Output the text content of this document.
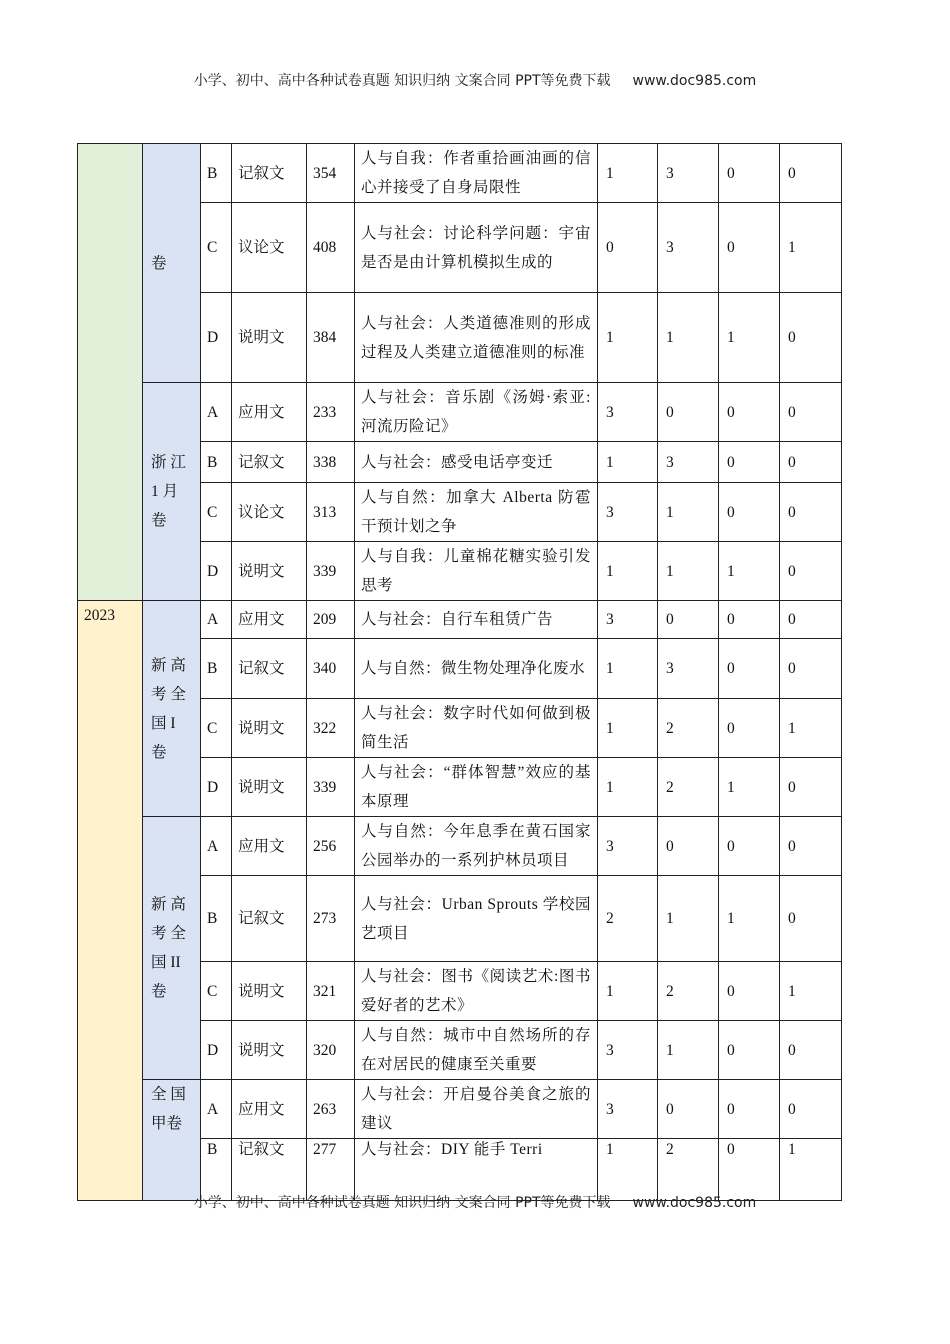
小学、初中、高中各种试卷真题 知识归纳 文案合同 PPT等免费下载 www.doc985.com
	卷	B	记叙文	354	人与自我：作者重拾画油画的信心并接受了自身局限性	1	3	0	0
		C	议论文	408	人与社会：讨论科学问题：宇宙是否是由计算机模拟生成的	0	3	0	1
		D	说明文	384	人与社会：人类道德准则的形成过程及人类建立道德准则的标准	1	1	1	0
	浙 江
1 月
卷	A	应用文	233	人与社会：音乐剧《汤姆·索亚:河流历险记》	3	0	0	0
		B	记叙文	338	人与社会：感受电话亭变迁	1	3	0	0
		C	议论文	313	人与自然：加拿大 Alberta 防雹干预计划之争	3	1	0	0
		D	说明文	339	人与自我：儿童棉花糖实验引发思考	1	1	1	0
2023	新 高
考 全
国 I
卷	A	应用文	209	人与社会：自行车租赁广告	3	0	0	0
		B	记叙文	340	人与自然：微生物处理净化废水	1	3	0	0
		C	说明文	322	人与社会：数字时代如何做到极简生活	1	2	0	1
		D	说明文	339	人与社会：“群体智慧”效应的基本原理	1	2	1	0
	新 高
考 全
国 II
卷	A	应用文	256	人与自然：今年息季在黄石国家公园举办的一系列护林员项目	3	0	0	0
		B	记叙文	273	人与社会：Urban Sprouts 学校园艺项目	2	1	1	0
		C	说明文	321	人与社会：图书《阅读艺术:图书爱好者的艺术》	1	2	0	1
		D	说明文	320	人与自然：城市中自然场所的存在对居民的健康至关重要	3	1	0	0
	全 国
甲卷	A	应用文	263	人与社会：开启曼谷美食之旅的建议	3	0	0	0
		B	记叙文	277	人与社会：DIY 能手 Terri	1	2	0	1
小学、初中、高中各种试卷真题 知识归纳 文案合同 PPT等免费下载 www.doc985.com
